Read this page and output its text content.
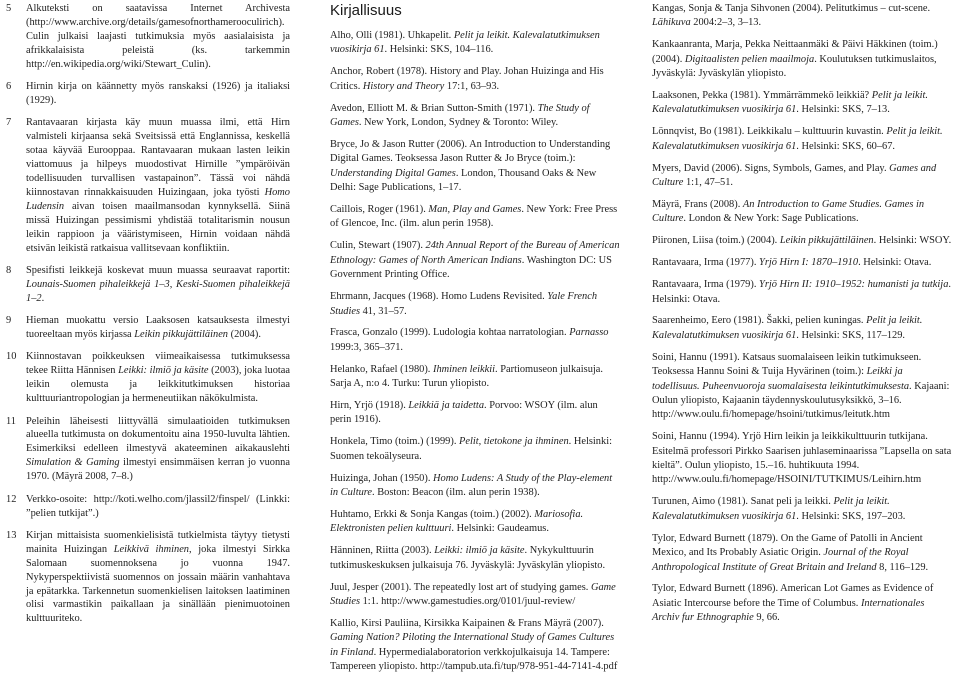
5	Alkuteksti on saatavissa Internet Archivesta (http://www.archive.org/details/gamesofnorthamerooculirich). Culin julkaisi laajasti tutkimuksia myös aasialaisista ja afrikkalaisista peleistä (ks. tarkemmin http://en.wikipedia.org/wiki/Stewart_Culin).
6	Hirnin kirja on käännetty myös ranskaksi (1926) ja italiaksi (1929).
7	Rantavaaran kirjasta käy muun muassa ilmi, että Hirn valmisteli kirjaansa sekä Sveitsissä että Englannissa, keskellä sotaa käyvää Eurooppaa. Rantavaaran mukaan lasten leikin viattomuus ja hilpeys muodostivat Hirnille ”ympäröivän todellisuuden turvallisen vastapainon”. Tässä voi nähdä kiinnostavan rinnakkaisuuden Huizingaan, joka työsti Homo Ludensin aivan toisen maailmansodan kynnyksellä. Siinä missä Huizingan pessimismi yhdistää totalitarismin nousun leikin rappioon ja vääristymiseen, Hirnin voidaan nähdä etsivän leikistä ratkaisua vallitsevaan konfliktiin.
8	Spesifisti leikkejä koskevat muun muassa seuraavat raportit: Lounais-Suomen pihaleikkejä 1–3, Keski-Suomen pihaleikkejä 1–2.
9	Hieman muokattu versio Laaksosen katsauksesta ilmestyi tuoreeltaan myös kirjassa Leikin pikkujättiläinen (2004).
10 Kiinnostavan poikkeuksen viimeaikaisessa tutkimuksessa tekee Riitta Hännisen Leikki: ilmiö ja käsite (2003), joka luotaa leikin olemusta ja leikkitutkimuksen historiaa kulttuuriantropologian ja hermeneutiikan näkökulmista.
11 Peleihin läheisesti liittyvällä simulaatioiden tutkimuksen alueella tutkimusta on dokumentoitu aina 1950-luvulta lähtien. Esimerkiksi edelleen ilmestyvä akateeminen aikakauslehti Simulation & Gaming ilmestyi ensimmäisen kerran jo vuonna 1970. (Mäyrä 2008, 7–8.)
12 Verkko-osoite: http://koti.welho.com/jlassil2/finspel/ (Linkki: ”pelien tutkijat”.)
13 Kirjan mittaisista suomenkielisistä tutkielmista täytyy tietysti mainita Huizingan Leikkivä ihminen, joka ilmestyi Sirkka Salomaan suomennoksena jo vuonna 1947. Nykyperspektiivistä suomennos on jossain määrin vanhahtava ja epätarkka. Tarkennetun suomenkielisen laitoksen laatiminen olisi varmastikin paikallaan ja sinällään pienimuotoinen kulttuuriteko.
Kirjallisuus
Alho, Olli (1981). Uhkapelit. Pelit ja leikit. Kalevalatutkimuksen vuosikirja 61. Helsinki: SKS, 104–116.
Anchor, Robert (1978). History and Play. Johan Huizinga and His Critics. History and Theory 17:1, 63–93.
Avedon, Elliott M. & Brian Sutton-Smith (1971). The Study of Games. New York, London, Sydney & Toronto: Wiley.
Bryce, Jo & Jason Rutter (2006). An Introduction to Understanding Digital Games. Teoksessa Jason Rutter & Jo Bryce (toim.): Understanding Digital Games. London, Thousand Oaks & New Delhi: Sage Publications, 1–17.
Caillois, Roger (1961). Man, Play and Games. New York: Free Press of Glencoe, Inc. (ilm. alun perin 1958).
Culin, Stewart (1907). 24th Annual Report of the Bureau of American Ethnology: Games of North American Indians. Washington DC: US Government Printing Office.
Ehrmann, Jacques (1968). Homo Ludens Revisited. Yale French Studies 41, 31–57.
Frasca, Gonzalo (1999). Ludologia kohtaa narratologian. Parnasso 1999:3, 365–371.
Helanko, Rafael (1980). Ihminen leikkii. Partiomuseon julkaisuja. Sarja A, n:o 4. Turku: Turun yliopisto.
Hirn, Yrjö (1918). Leikkiä ja taidetta. Porvoo: WSOY (ilm. alun perin 1916).
Honkela, Timo (toim.) (1999). Pelit, tietokone ja ihminen. Helsinki: Suomen tekoälyseura.
Huizinga, Johan (1950). Homo Ludens: A Study of the Play-element in Culture. Boston: Beacon (ilm. alun perin 1938).
Huhtamo, Erkki & Sonja Kangas (toim.) (2002). Mariosofia. Elektronisten pelien kulttuuri. Helsinki: Gaudeamus.
Hänninen, Riitta (2003). Leikki: ilmiö ja käsite. Nykykulttuurin tutkimuskeskuksen julkaisuja 76. Jyväskylä: Jyväskylän yliopisto.
Juul, Jesper (2001). The repeatedly lost art of studying games. Game Studies 1:1. http://www.gamestudies.org/0101/juul-review/
Kallio, Kirsi Pauliina, Kirsikka Kaipainen & Frans Mäyrä (2007). Gaming Nation? Piloting the International Study of Games Cultures in Finland. Hypermedialaboratorion verkkojulkaisuja 14. Tampere: Tampereen yliopisto. http://tampub.uta.fi/tup/978-951-44-7141-4.pdf
Kangas, Sonja & Tanja Sihvonen (2004). Pelitutkimus – cut-scene. Lähikuva 2004:2–3, 3–13.
Kankaanranta, Marja, Pekka Neittaanmäki & Päivi Häkkinen (toim.) (2004). Digitaalisten pelien maailmoja. Koulutuksen tutkimuslaitos, Jyväskylä: Jyväskylän yliopisto.
Laaksonen, Pekka (1981). Ymmärrämmekö leikkiä? Pelit ja leikit. Kalevalatutkimuksen vuosikirja 61. Helsinki: SKS, 7–13.
Lönnqvist, Bo (1981). Leikkikalu – kulttuurin kuvastin. Pelit ja leikit. Kalevalatutkimuksen vuosikirja 61. Helsinki: SKS, 60–67.
Myers, David (2006). Signs, Symbols, Games, and Play. Games and Culture 1:1, 47–51.
Mäyrä, Frans (2008). An Introduction to Game Studies. Games in Culture. London & New York: Sage Publications.
Piironen, Liisa (toim.) (2004). Leikin pikkujättiläinen. Helsinki: WSOY.
Rantavaara, Irma (1977). Yrjö Hirn I: 1870–1910. Helsinki: Otava.
Rantavaara, Irma (1979). Yrjö Hirn II: 1910–1952: humanisti ja tutkija. Helsinki: Otava.
Saarenheimo, Eero (1981). Šakki, pelien kuningas. Pelit ja leikit. Kalevalatutkimuksen vuosikirja 61. Helsinki: SKS, 117–129.
Soini, Hannu (1991). Katsaus suomalaiseen leikin tutkimukseen. Teoksessa Hannu Soini & Tuija Hyvärinen (toim.): Leikki ja todellisuus. Puheenvuoroja suomalaisesta leikintutkimuksesta. Kajaani: Oulun yliopisto, Kajaanin täydennyskoulutusyksikkö, 3–16. http://www.oulu.fi/homepage/hsoini/tutkimus/leitutk.htm
Soini, Hannu (1994). Yrjö Hirn leikin ja leikkikulttuurin tutkijana. Esitelmä professori Pirkko Saarisen juhlaseminaarissa ”Lapsella on sata kieltä”. Oulun yliopisto, 15.–16. huhtikuuta 1994. http://www.oulu.fi/homepage/HSOINI/TUTKIMUS/Leihirn.htm
Turunen, Aimo (1981). Sanat peli ja leikki. Pelit ja leikit. Kalevalatutkimuksen vuosikirja 61. Helsinki: SKS, 197–203.
Tylor, Edward Burnett (1879). On the Game of Patolli in Ancient Mexico, and Its Probably Asiatic Origin. Journal of the Royal Anthropological Institute of Great Britain and Ireland 8, 116–129.
Tylor, Edward Burnett (1896). American Lot Games as Evidence of Asiatic Intercourse before the Time of Columbus. Internationales Archiv fur Ethnographie 9, 66.
